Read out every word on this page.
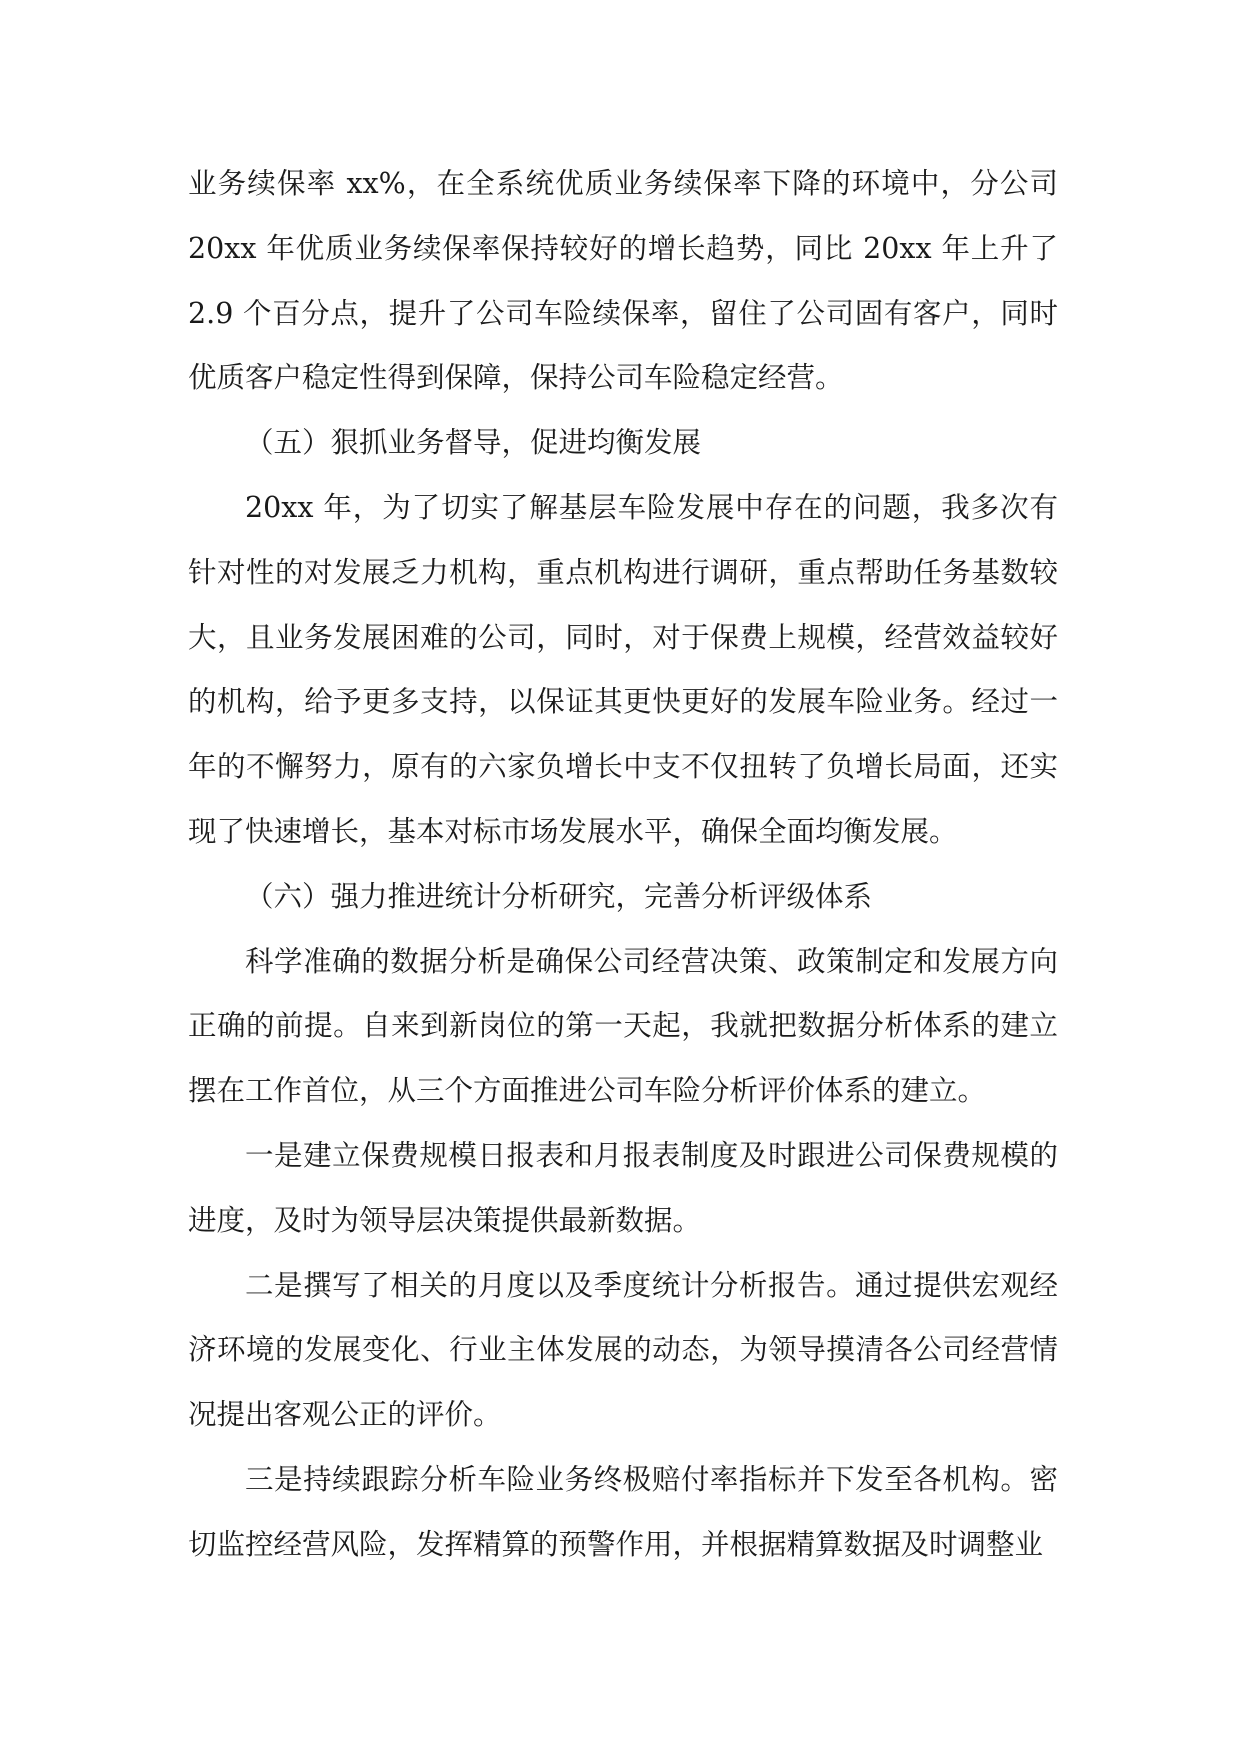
业务续保率 xx%，在全系统优质业务续保率下降的环境中，分公司 20xx 年优质业务续保率保持较好的增长趋势，同比 20xx 年上升了 2.9 个百分点，提升了公司车险续保率，留住了公司固有客户，同时优质客户稳定性得到保障，保持公司车险稳定经营。

（五）狠抓业务督导，促进均衡发展

20xx 年，为了切实了解基层车险发展中存在的问题，我多次有针对性的对发展乏力机构，重点机构进行调研，重点帮助任务基数较大，且业务发展困难的公司，同时，对于保费上规模，经营效益较好的机构，给予更多支持，以保证其更快更好的发展车险业务。经过一年的不懈努力，原有的六家负增长中支不仅扭转了负增长局面，还实现了快速增长，基本对标市场发展水平，确保全面均衡发展。

（六）强力推进统计分析研究，完善分析评级体系

科学准确的数据分析是确保公司经营决策、政策制定和发展方向正确的前提。自来到新岗位的第一天起，我就把数据分析体系的建立摆在工作首位，从三个方面推进公司车险分析评价体系的建立。

一是建立保费规模日报表和月报表制度及时跟进公司保费规模的进度，及时为领导层决策提供最新数据。

二是撰写了相关的月度以及季度统计分析报告。通过提供宏观经济环境的发展变化、行业主体发展的动态，为领导摸清各公司经营情况提出客观公正的评价。

三是持续跟踪分析车险业务终极赔付率指标并下发至各机构。密切监控经营风险，发挥精算的预警作用，并根据精算数据及时调整业
